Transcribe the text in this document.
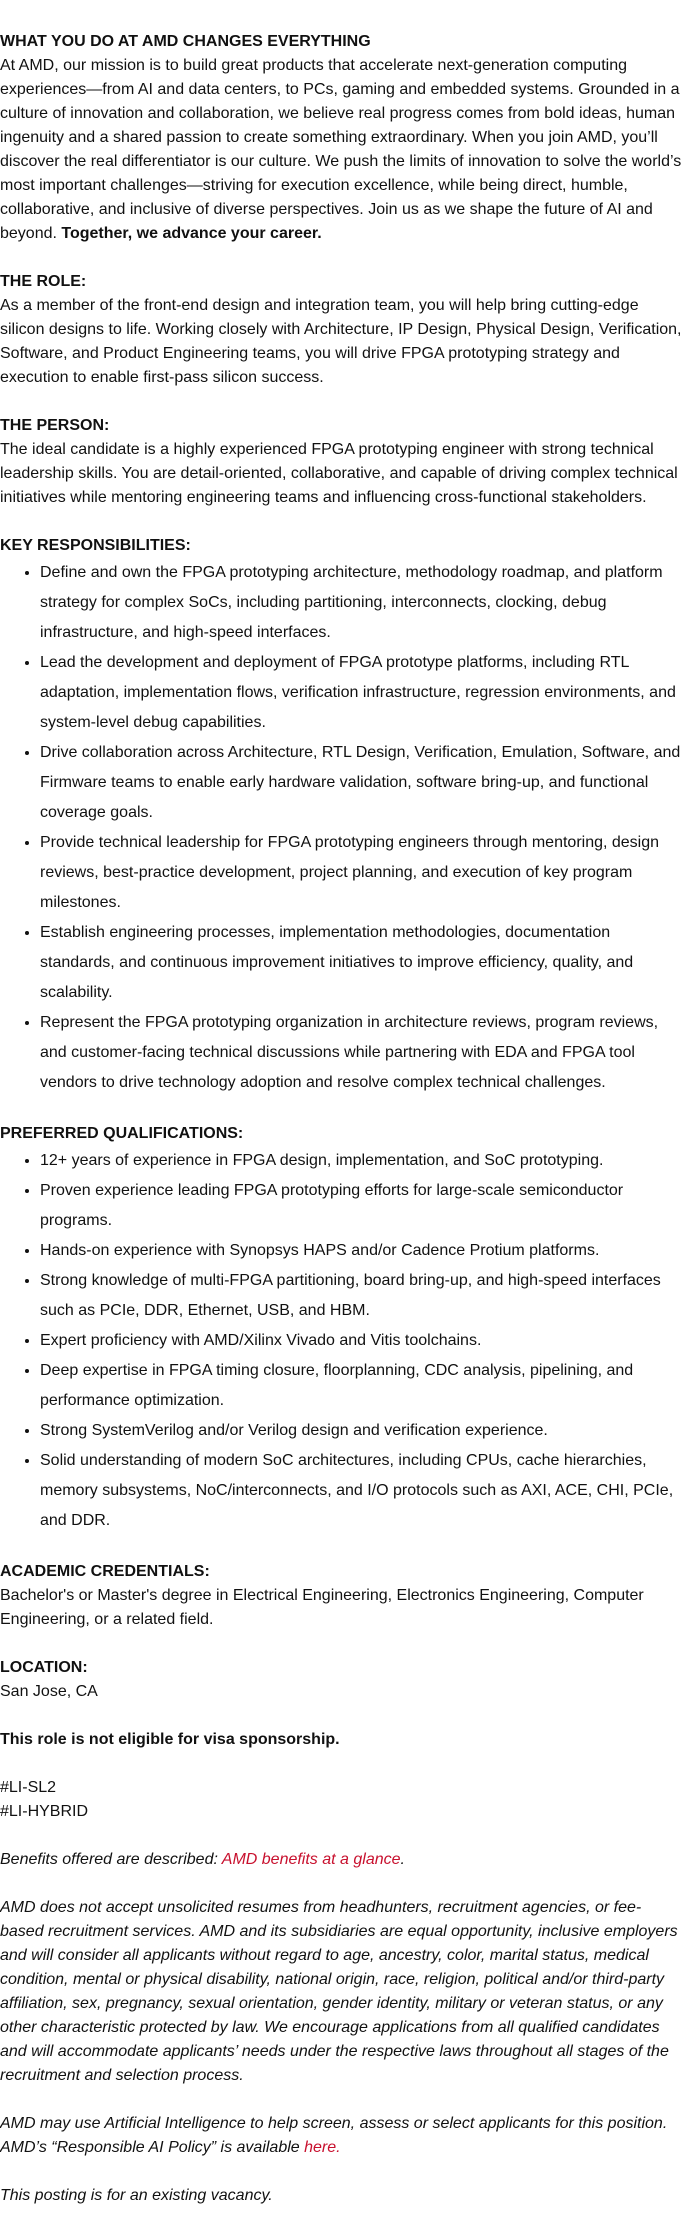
WHAT YOU DO AT AMD CHANGES EVERYTHING

At AMD, our mission is to build great products that accelerate next-generation computing experiences—from AI and data centers, to PCs, gaming and embedded systems. Grounded in a culture of innovation and collaboration, we believe real progress comes from bold ideas, human ingenuity and a shared passion to create something extraordinary. When you join AMD, you’ll discover the real differentiator is our culture. We push the limits of innovation to solve the world’s most important challenges—striving for execution excellence, while being direct, humble, collaborative, and inclusive of diverse perspectives. Join us as we shape the future of AI and beyond. Together, we advance your career.

THE ROLE:

As a member of the front-end design and integration team, you will help bring cutting-edge silicon designs to life. Working closely with Architecture, IP Design, Physical Design, Verification, Software, and Product Engineering teams, you will drive FPGA prototyping strategy and execution to enable first-pass silicon success.

THE PERSON:

The ideal candidate is a highly experienced FPGA prototyping engineer with strong technical leadership skills. You are detail-oriented, collaborative, and capable of driving complex technical initiatives while mentoring engineering teams and influencing cross-functional stakeholders.

KEY RESPONSIBILITIES:

• Define and own the FPGA prototyping architecture, methodology roadmap, and platform strategy for complex SoCs, including partitioning, interconnects, clocking, debug infrastructure, and high-speed interfaces.
• Lead the development and deployment of FPGA prototype platforms, including RTL adaptation, implementation flows, verification infrastructure, regression environments, and system-level debug capabilities.
• Drive collaboration across Architecture, RTL Design, Verification, Emulation, Software, and Firmware teams to enable early hardware validation, software bring-up, and functional coverage goals.
• Provide technical leadership for FPGA prototyping engineers through mentoring, design reviews, best-practice development, project planning, and execution of key program milestones.
• Establish engineering processes, implementation methodologies, documentation standards, and continuous improvement initiatives to improve efficiency, quality, and scalability.
• Represent the FPGA prototyping organization in architecture reviews, program reviews, and customer-facing technical discussions while partnering with EDA and FPGA tool vendors to drive technology adoption and resolve complex technical challenges.

PREFERRED QUALIFICATIONS:

• 12+ years of experience in FPGA design, implementation, and SoC prototyping.
• Proven experience leading FPGA prototyping efforts for large-scale semiconductor programs.
• Hands-on experience with Synopsys HAPS and/or Cadence Protium platforms.
• Strong knowledge of multi-FPGA partitioning, board bring-up, and high-speed interfaces such as PCIe, DDR, Ethernet, USB, and HBM.
• Expert proficiency with AMD/Xilinx Vivado and Vitis toolchains.
• Deep expertise in FPGA timing closure, floorplanning, CDC analysis, pipelining, and performance optimization.
• Strong SystemVerilog and/or Verilog design and verification experience.
• Solid understanding of modern SoC architectures, including CPUs, cache hierarchies, memory subsystems, NoC/interconnects, and I/O protocols such as AXI, ACE, CHI, PCIe, and DDR.

ACADEMIC CREDENTIALS:

Bachelor's or Master's degree in Electrical Engineering, Electronics Engineering, Computer Engineering, or a related field.

LOCATION:

San Jose, CA

This role is not eligible for visa sponsorship.

#LI-SL2

#LI-HYBRID

Benefits offered are described: AMD benefits at a glance.

AMD does not accept unsolicited resumes from headhunters, recruitment agencies, or fee-based recruitment services. AMD and its subsidiaries are equal opportunity, inclusive employers and will consider all applicants without regard to age, ancestry, color, marital status, medical condition, mental or physical disability, national origin, race, religion, political and/or third-party affiliation, sex, pregnancy, sexual orientation, gender identity, military or veteran status, or any other characteristic protected by law. We encourage applications from all qualified candidates and will accommodate applicants’ needs under the respective laws throughout all stages of the recruitment and selection process.

AMD may use Artificial Intelligence to help screen, assess or select applicants for this position. AMD’s “Responsible AI Policy” is available here.

This posting is for an existing vacancy.
